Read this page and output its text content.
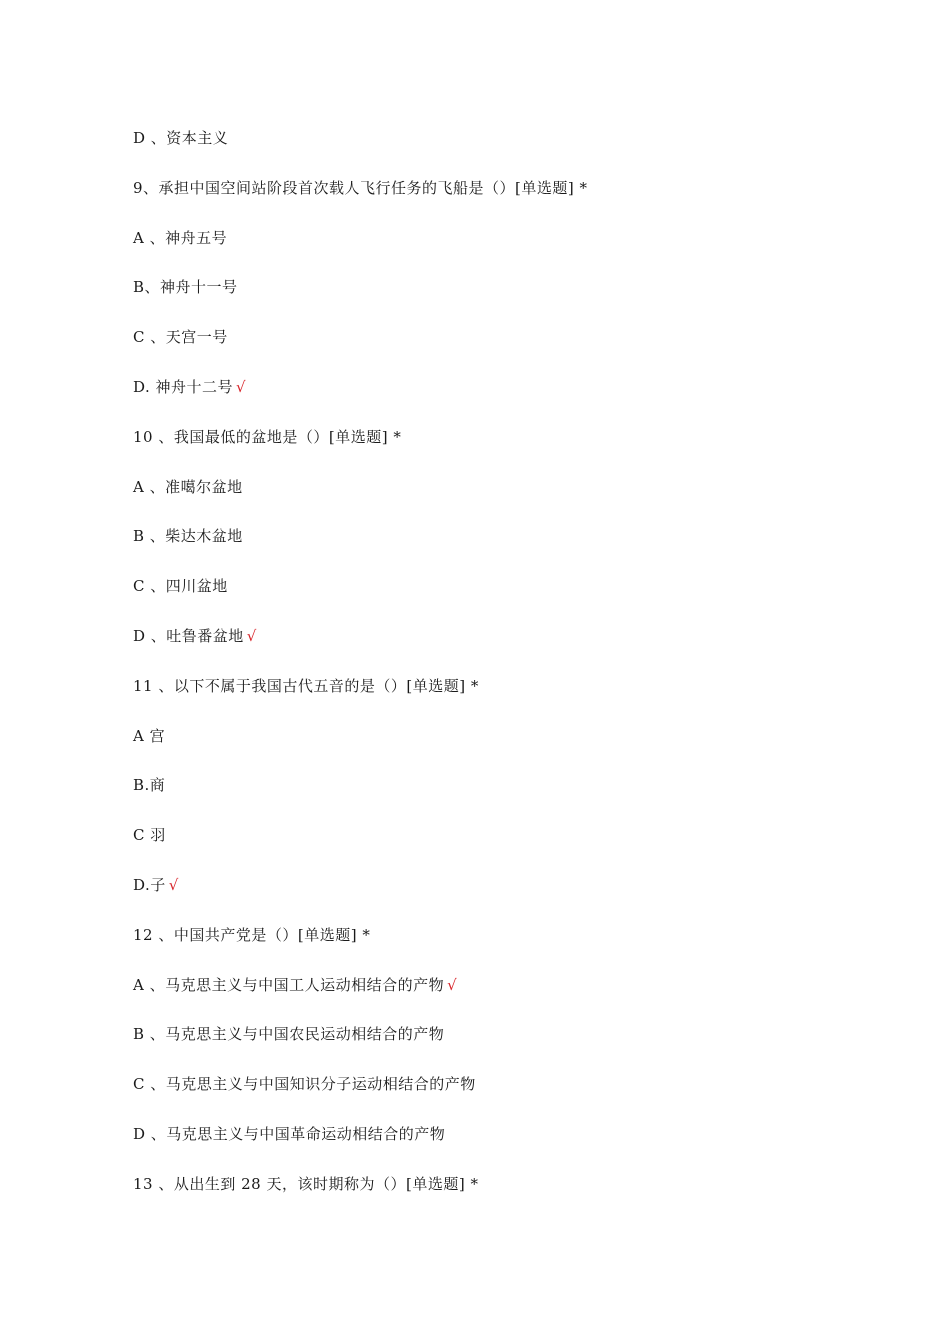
D 、资本主义
9、承担中国空间站阶段首次载人飞行任务的飞船是（）[单选题] *
A 、神舟五号
B、神舟十一号
C 、天宫一号
D. 神舟十二号 √
10 、我国最低的盆地是（）[单选题] *
A 、准噶尔盆地
B 、柴达木盆地
C 、四川盆地
D 、吐鲁番盆地 √
11 、以下不属于我国古代五音的是（）[单选题] *
A 宫
B.商
C 羽
D.子 √
12 、中国共产党是（）[单选题] *
A 、马克思主义与中国工人运动相结合的产物 √
B 、马克思主义与中国农民运动相结合的产物
C 、马克思主义与中国知识分子运动相结合的产物
D 、马克思主义与中国革命运动相结合的产物
13 、从出生到 28 天，该时期称为（）[单选题] *
